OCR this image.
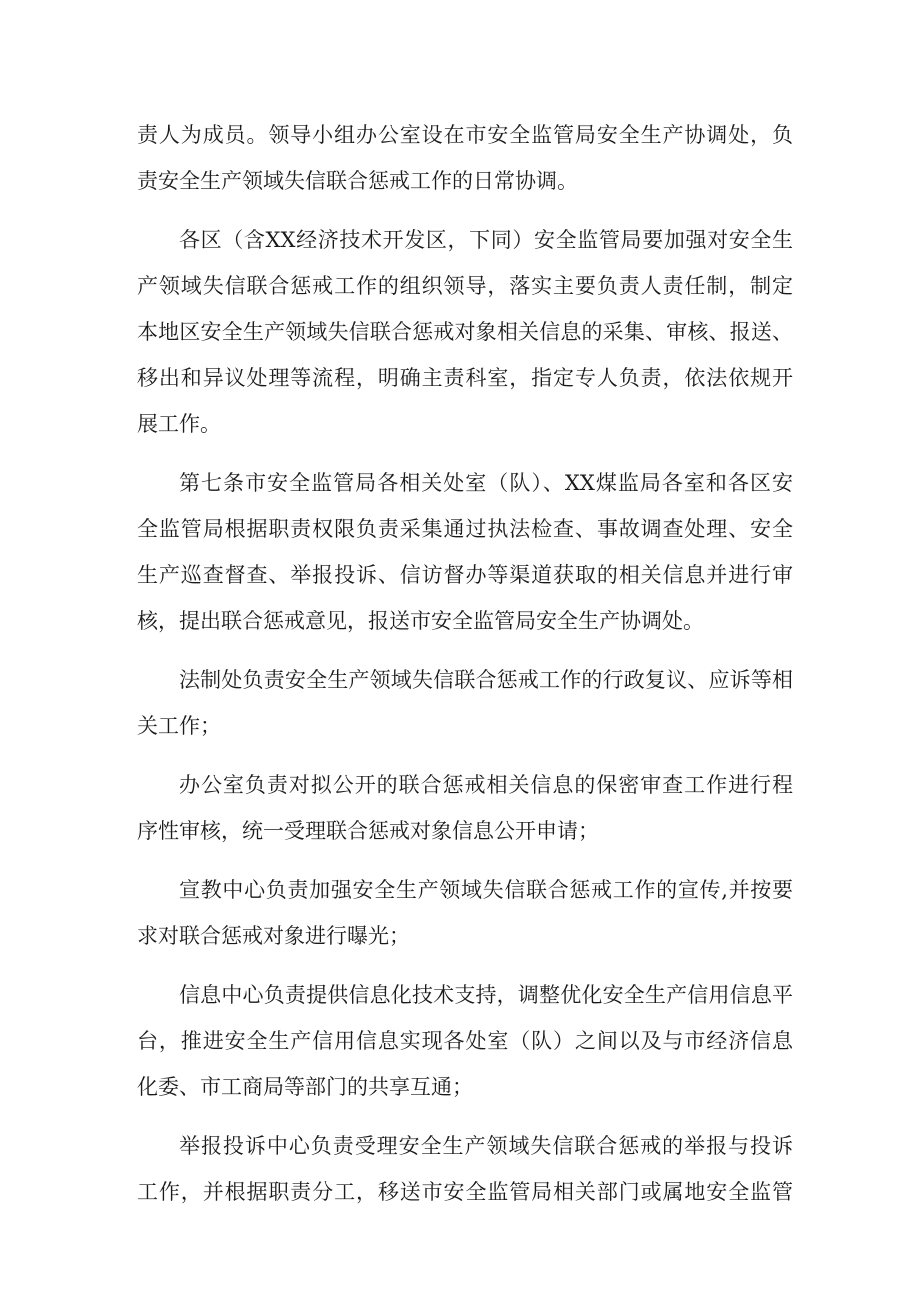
责人为成员。领导小组办公室设在市安全监管局安全生产协调处，负
责安全生产领域失信联合惩戒工作的日常协调。
各区（含XX经济技术开发区，下同）安全监管局要加强对安全生
产领域失信联合惩戒工作的组织领导，落实主要负责人责任制，制定
本地区安全生产领域失信联合惩戒对象相关信息的采集、审核、报送、
移出和异议处理等流程，明确主责科室，指定专人负责，依法依规开
展工作。
第七条市安全监管局各相关处室（队）、XX煤监局各室和各区安
全监管局根据职责权限负责采集通过执法检查、事故调查处理、安全
生产巡查督查、举报投诉、信访督办等渠道获取的相关信息并进行审
核，提出联合惩戒意见，报送市安全监管局安全生产协调处。
法制处负责安全生产领域失信联合惩戒工作的行政复议、应诉等相
关工作；
办公室负责对拟公开的联合惩戒相关信息的保密审查工作进行程
序性审核，统一受理联合惩戒对象信息公开申请；
宣教中心负责加强安全生产领域失信联合惩戒工作的宣传,并按要
求对联合惩戒对象进行曝光；
信息中心负责提供信息化技术支持，调整优化安全生产信用信息平
台，推进安全生产信用信息实现各处室（队）之间以及与市经济信息
化委、市工商局等部门的共享互通；
举报投诉中心负责受理安全生产领域失信联合惩戒的举报与投诉
工作，并根据职责分工，移送市安全监管局相关部门或属地安全监管
